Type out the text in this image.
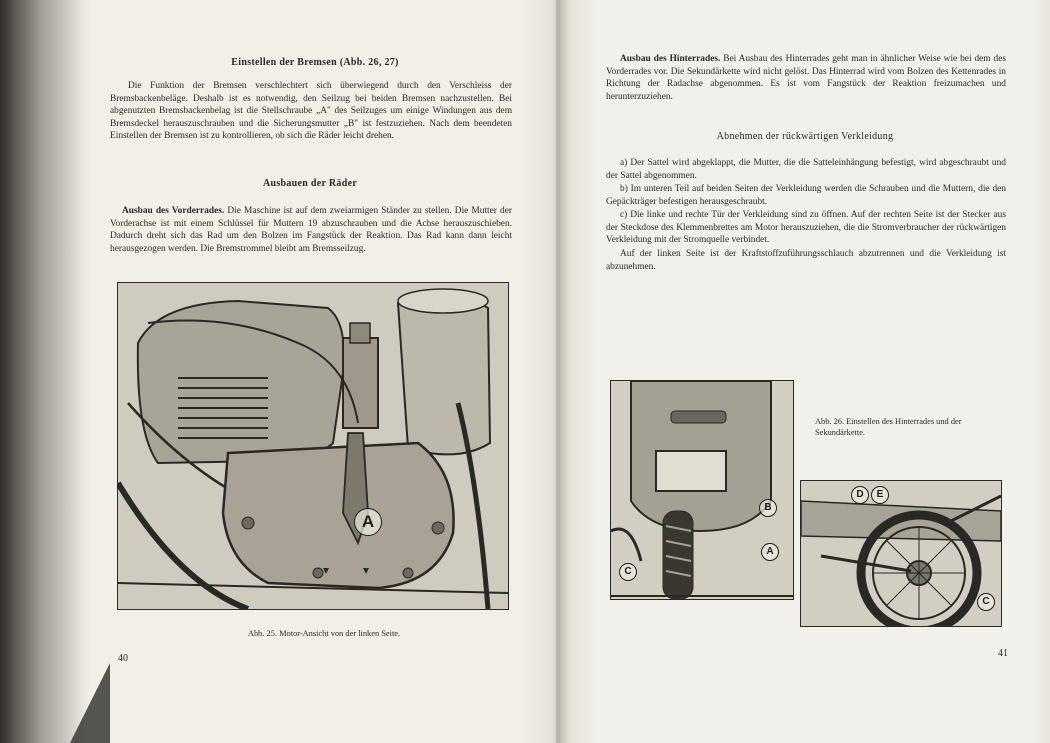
Einstellen der Bremsen (Abb. 26, 27)

Die Funktion der Bremsen verschlechtert sich überwiegend durch den Verschleiss der Bremsbackenbeläge. Deshalb ist es notwendig, den Seilzug bei beiden Bremsen nachzustellen. Bei abgenutzten Bremsbackenbelag ist die Stellschraube „A" des Seilzuges um einige Windungen aus dem Bremsdeckel herauszuschrauben und die Sicherungsmutter „B" ist festzuziehen. Nach dem beendeten Einstellen der Bremsen ist zu kontrollieren, ob sich die Räder leicht drehen.

Ausbauen der Räder

Ausbau des Vorderrades. Die Maschine ist auf dem zweiarmigen Ständer zu stellen. Die Mutter der Vorderachse ist mit einem Schlüssel für Muttern 19 abzuschrauben und die Achse herauszuschieben. Dadurch dreht sich das Rad um den Bolzen im Fangstück der Reaktion. Das Rad kann dann leicht herausgezogen werden. Die Bremstrommel bleibt am Bremsseilzug.

A
Abb. 25. Motor-Ansicht von der linken Seite.
40

Ausbau des Hinterrades. Bei Ausbau des Hinterrades geht man in ähnlicher Weise wie bei dem des Vorderrades vor. Die Sekundärkette wird nicht gelöst. Das Hinterrad wird vom Bolzen des Kettenrades in Richtung der Radachse abgenommen. Es ist vom Fangstück der Reaktion freizumachen und herunterzuziehen.

Abnehmen der rückwärtigen Verkleidung

a) Der Sattel wird abgeklappt, die Mutter, die die Satteleinhängung befestigt, wird abgeschraubt und der Sattel abgenommen.

b) Im unteren Teil auf beiden Seiten der Verkleidung werden die Schrauben und die Muttern, die den Gepäckträger befestigen herausgeschraubt.

c) Die linke und rechte Tür der Verkleidung sind zu öffnen. Auf der rechten Seite ist der Stecker aus der Steckdose des Klemmenbrettes am Motor herauszuziehen, die die Stromverbraucher der rückwärtigen Verkleidung mit der Stromquelle verbindet.

Auf der linken Seite ist der Kraftstoffzuführungsschlauch abzutrennen und die Verkleidung ist abzunehmen.

B
A
C
Abb. 26. Einstellen des Hinterrades und der Sekundärkette.
D	E
C
41
